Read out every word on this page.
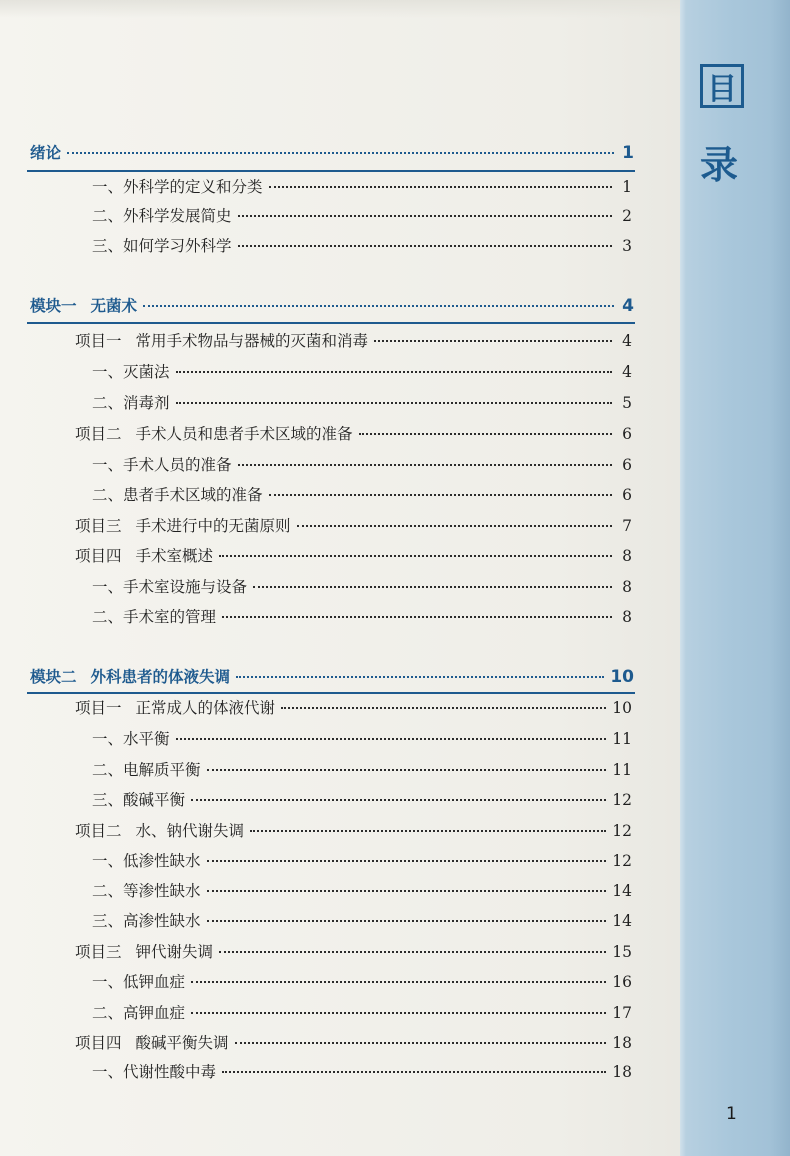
目
录
绪论	1
一、外科学的定义和分类	1
二、外科学发展简史	2
三、如何学习外科学	3
模块一 无菌术	4
项目一 常用手术物品与器械的灭菌和消毒	4
一、灭菌法	4
二、消毒剂	5
项目二 手术人员和患者手术区域的准备	6
一、手术人员的准备	6
二、患者手术区域的准备	6
项目三 手术进行中的无菌原则	7
项目四 手术室概述	8
一、手术室设施与设备	8
二、手术室的管理	8
模块二 外科患者的体液失调	10
项目一 正常成人的体液代谢	10
一、水平衡	11
二、电解质平衡	11
三、酸碱平衡	12
项目二 水、钠代谢失调	12
一、低渗性缺水	12
二、等渗性缺水	14
三、高渗性缺水	14
项目三 钾代谢失调	15
一、低钾血症	16
二、高钾血症	17
项目四 酸碱平衡失调	18
一、代谢性酸中毒	18
1
